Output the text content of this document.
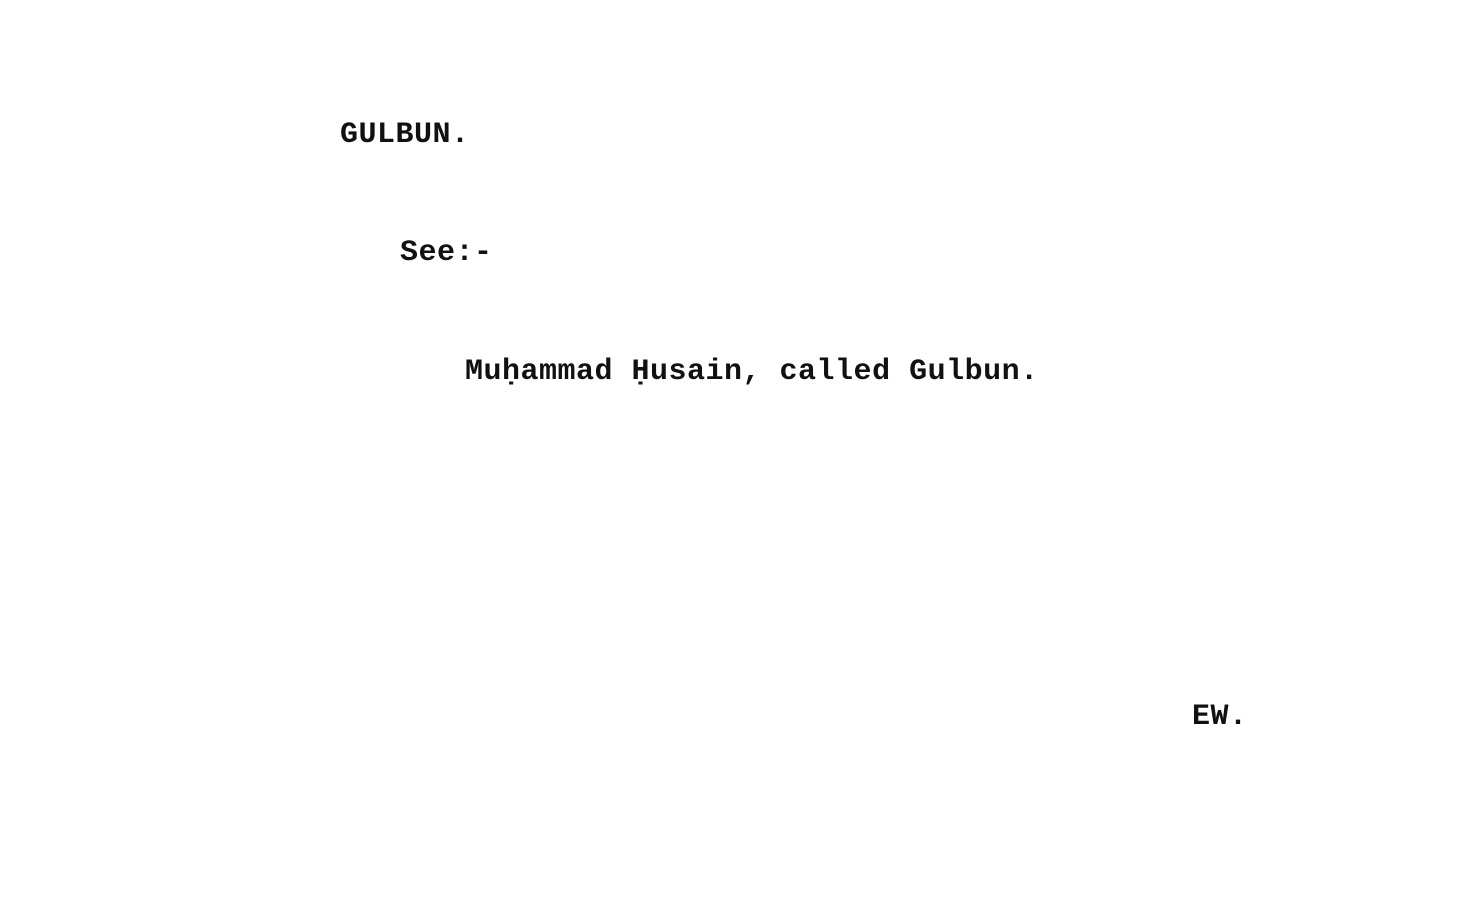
GULBUN.
See:-
Muḥammad Ḥusain, called Gulbun.
EW.
